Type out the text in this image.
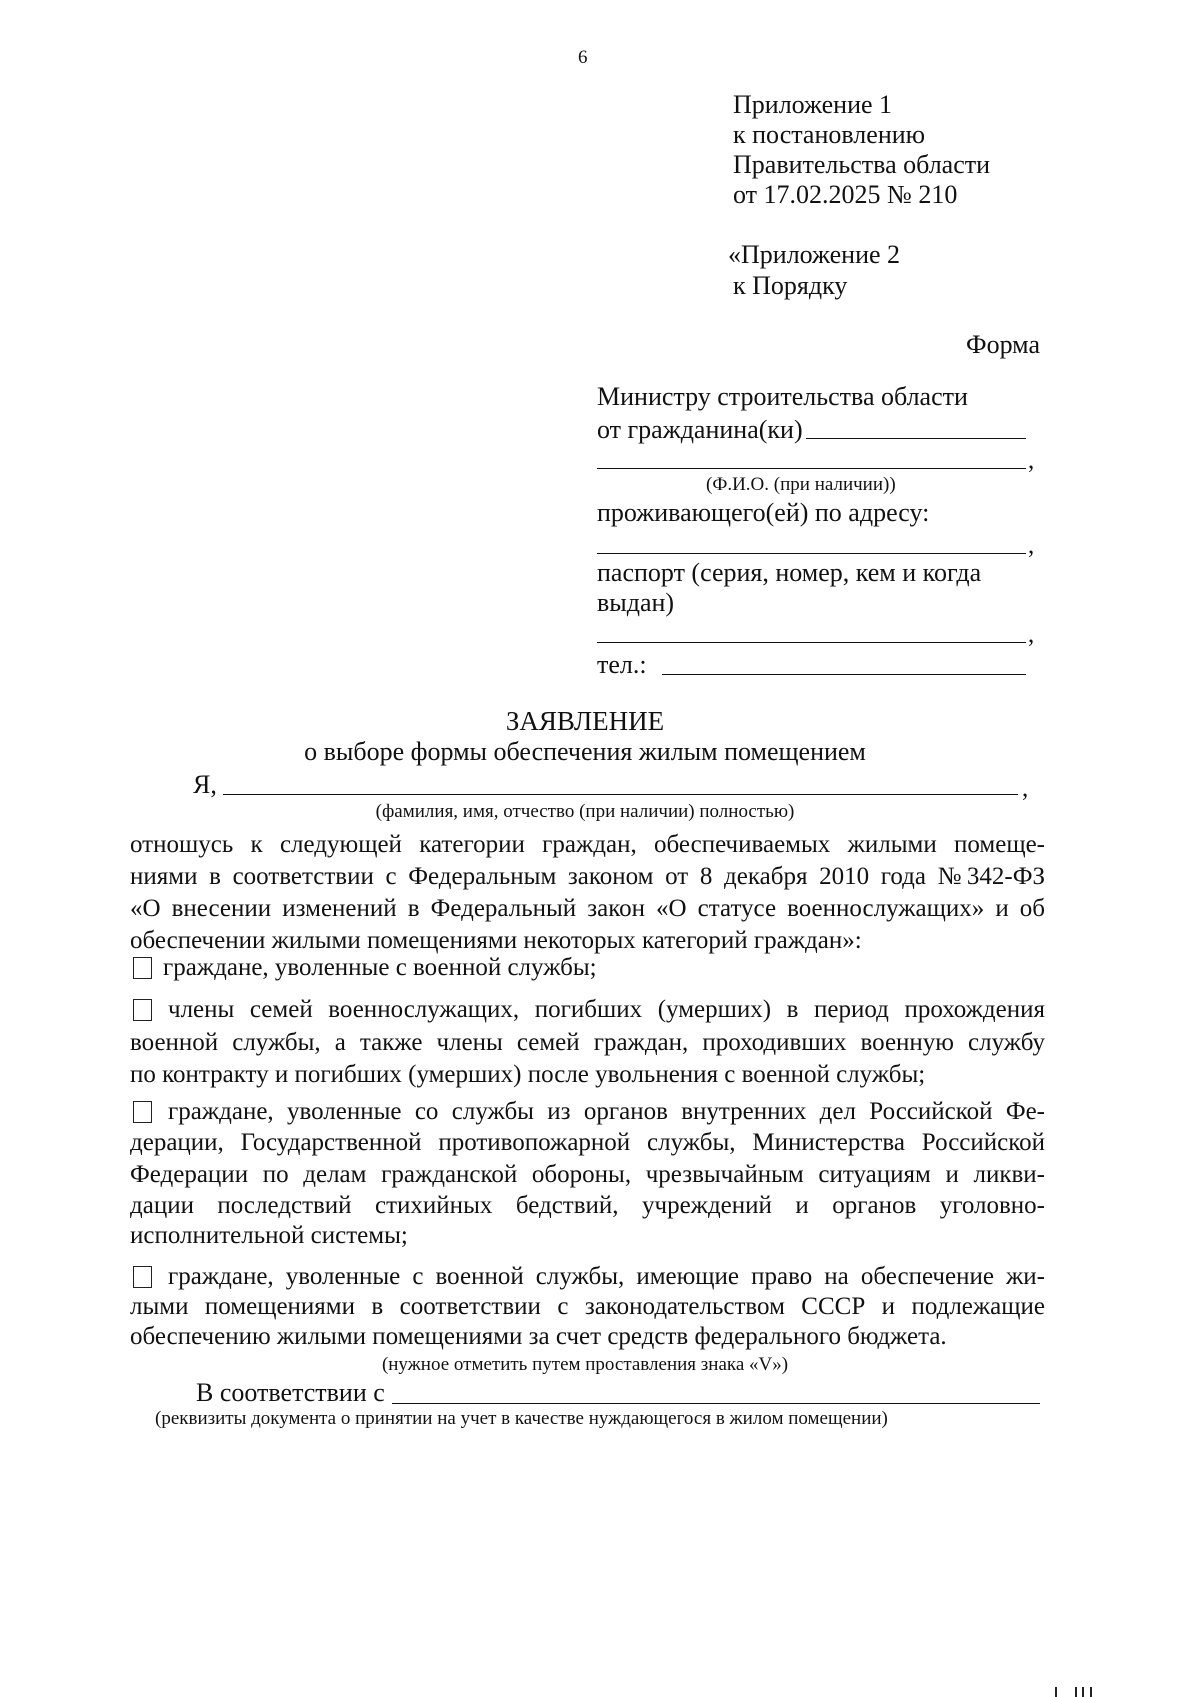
6
Приложение 1
к постановлению
Правительства области
от 17.02.2025 № 210
«Приложение 2
к Порядку
Форма
Министру строительства области
от гражданина(ки)
,
(Ф.И.О. (при наличии))
проживающего(ей) по адресу:
,
паспорт (серия, номер, кем и когда
выдан)
,
тел.:
ЗАЯВЛЕНИЕ
о выборе формы обеспечения жилым помещением
Я,	,
(фамилия, имя, отчество (при наличии) полностью)
отношусь к следующей категории граждан, обеспечиваемых жилыми помеще-
ниями в соответствии с Федеральным законом от 8 декабря 2010 года №342-ФЗ
«О внесении изменений в Федеральный закон «О статусе военнослужащих» и об
обеспечении жилыми помещениями некоторых категорий граждан»:
граждане, уволенные с военной службы;
члены семей военнослужащих, погибших (умерших) в период прохождения
военной службы, а также члены семей граждан, проходивших военную службу
по контракту и погибших (умерших) после увольнения с военной службы;
граждане, уволенные со службы из органов внутренних дел Российской Фе-
дерации, Государственной противопожарной службы, Министерства Российской
Федерации по делам гражданской обороны, чрезвычайным ситуациям и ликви-
дации последствий стихийных бедствий, учреждений и органов уголовно-
исполнительной системы;
граждане, уволенные с военной службы, имеющие право на обеспечение жи-
лыми помещениями в соответствии с законодательством СССР и подлежащие
обеспечению жилыми помещениями за счет средств федерального бюджета.
(нужное отметить путем проставления знака «V»)
В соответствии с
(реквизиты документа о принятии на учет в качестве нуждающегося в жилом помещении)
